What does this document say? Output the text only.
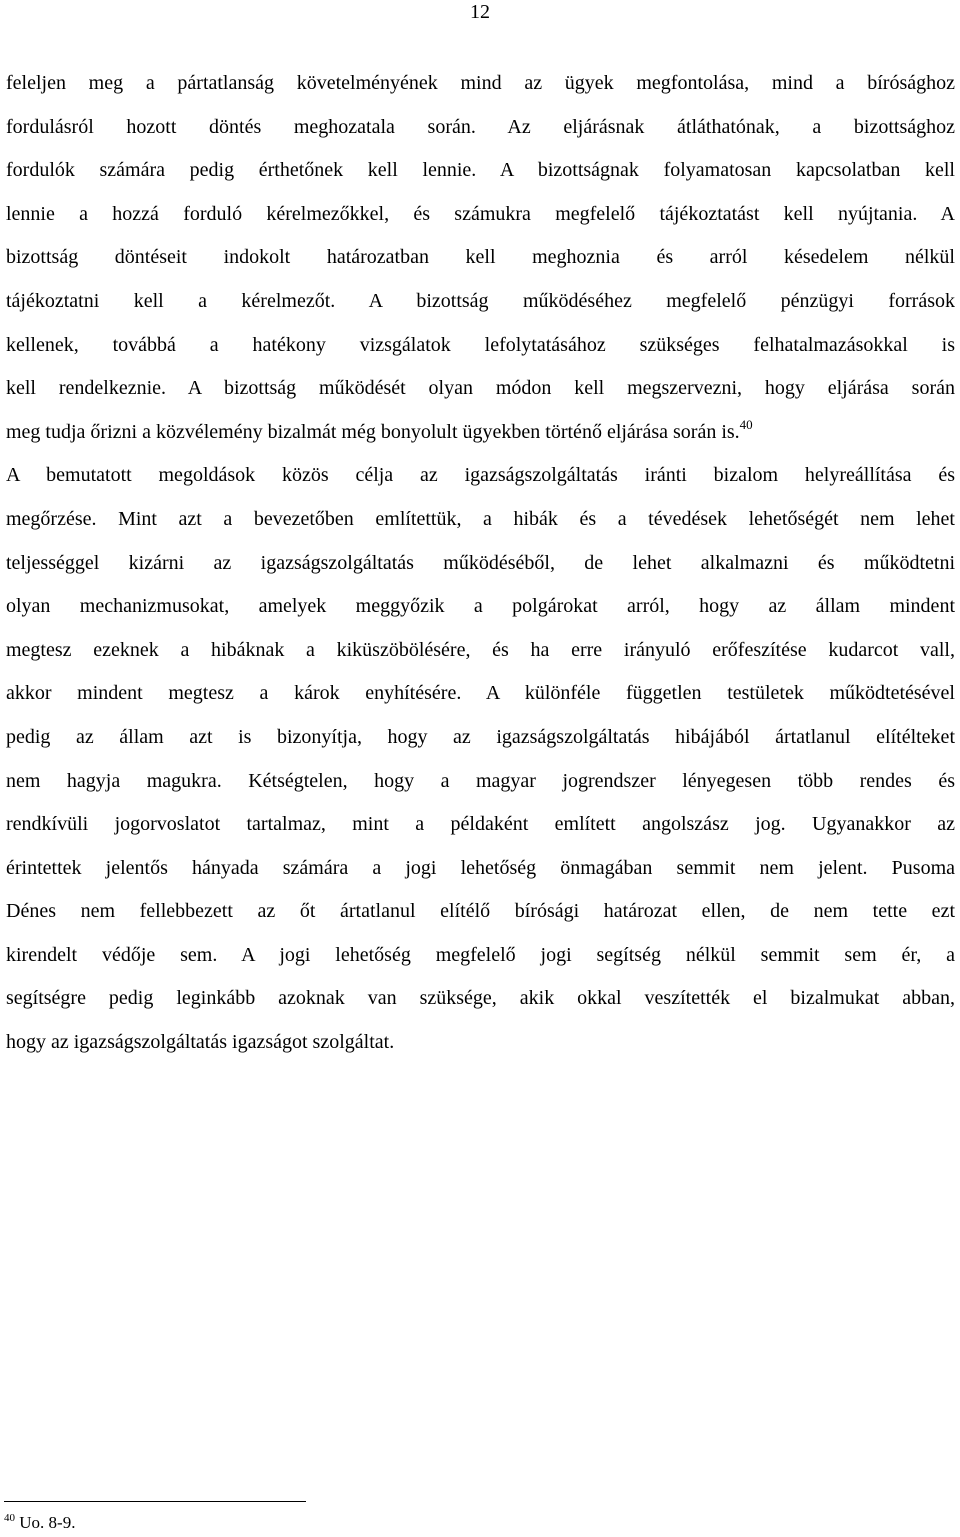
12
feleljen meg a pártatlanság követelményének mind az ügyek megfontolása, mind a bírósághoz
fordulásról hozott döntés meghozatala során. Az eljárásnak átláthatónak, a bizottsághoz
fordulók számára pedig érthetőnek kell lennie. A bizottságnak folyamatosan kapcsolatban kell
lennie a hozzá forduló kérelmezőkkel, és számukra megfelelő tájékoztatást kell nyújtania. A
bizottság döntéseit indokolt határozatban kell meghoznia és arról késedelem nélkül
tájékoztatni kell a kérelmezőt. A bizottság működéséhez megfelelő pénzügyi források
kellenek, továbbá a hatékony vizsgálatok lefolytatásához szükséges felhatalmazásokkal is
kell rendelkeznie. A bizottság működését olyan módon kell megszervezni, hogy eljárása során
meg tudja őrizni a közvélemény bizalmát még bonyolult ügyekben történő eljárása során is.$^{40}$
A bemutatott megoldások közös célja az igazságszolgáltatás iránti bizalom helyreállítása és
megőrzése. Mint azt a bevezetőben említettük, a hibák és a tévedések lehetőségét nem lehet
teljességgel kizárni az igazságszolgáltatás működéséből, de lehet alkalmazni és működtetni
olyan mechanizmusokat, amelyek meggyőzik a polgárokat arról, hogy az állam mindent
megtesz ezeknek a hibáknak a kiküszöbölésére, és ha erre irányuló erőfeszítése kudarcot vall,
akkor mindent megtesz a károk enyhítésére. A különféle független testületek működtetésével
pedig az állam azt is bizonyítja, hogy az igazságszolgáltatás hibájából ártatlanul elítélteket
nem hagyja magukra. Kétségtelen, hogy a magyar jogrendszer lényegesen több rendes és
rendkívüli jogorvoslatot tartalmaz, mint a példaként említett angolszász jog. Ugyanakkor az
érintettek jelentős hányada számára a jogi lehetőség önmagában semmit nem jelent. Pusoma
Dénes nem fellebbezett az őt ártatlanul elítélő bírósági határozat ellen, de nem tette ezt
kirendelt védője sem. A jogi lehetőség megfelelő jogi segítség nélkül semmit sem ér, a
segítségre pedig leginkább azoknak van szüksége, akik okkal veszítették el bizalmukat abban,
hogy az igazságszolgáltatás igazságot szolgáltat.
$^{40}$ Uo. 8-9.
